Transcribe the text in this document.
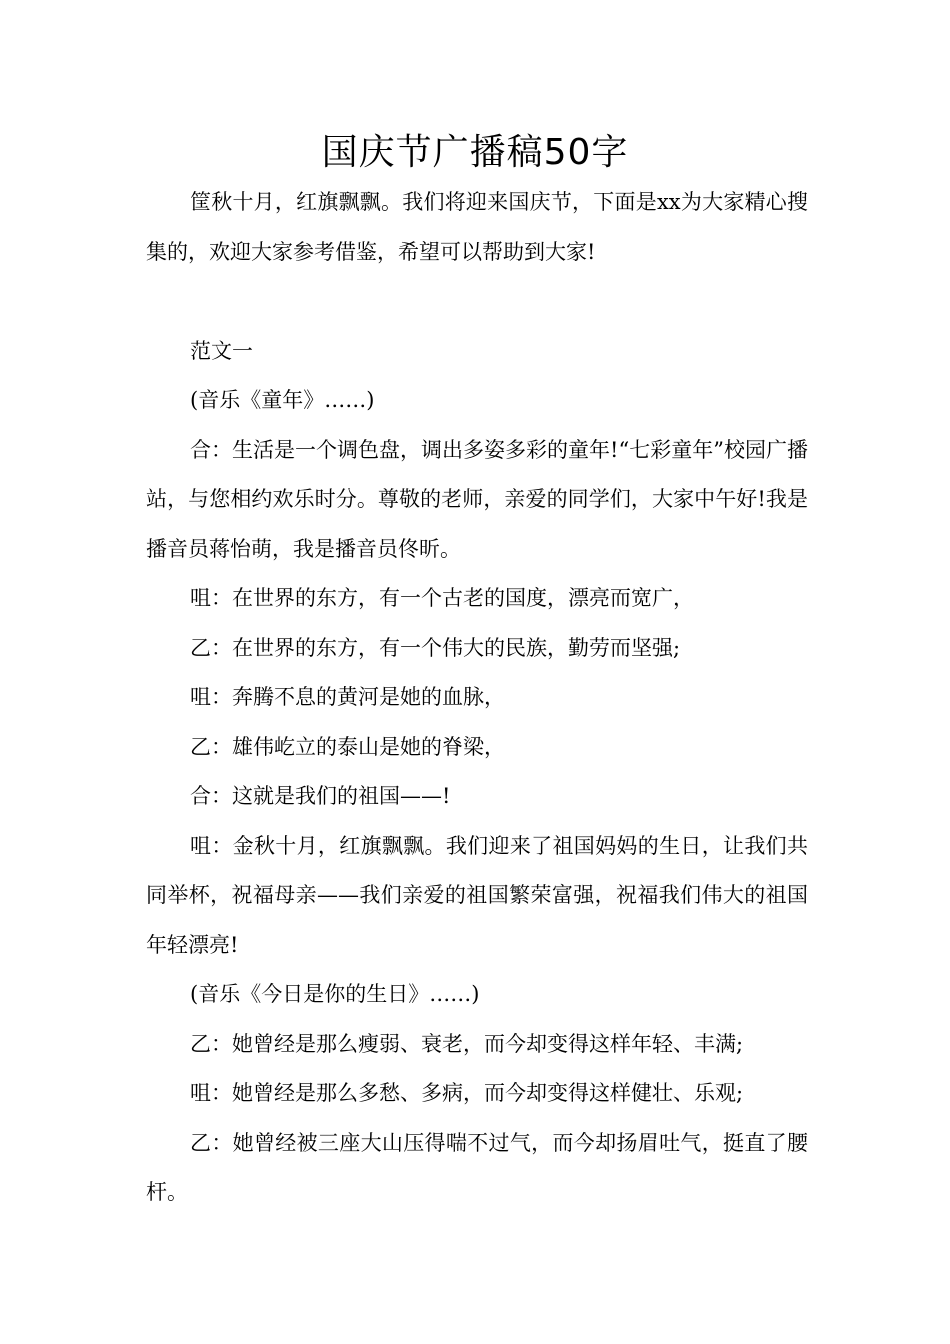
国庆节广播稿50字

筐秋十月，红旗飘飘。我们将迎来国庆节，下面是xx为大家精心搜集的，欢迎大家参考借鉴，希望可以帮助到大家!

范文一

(音乐《童年》……)

合：生活是一个调色盘，调出多姿多彩的童年!“七彩童年”校园广播站，与您相约欢乐时分。尊敬的老师，亲爱的同学们，大家中午好!我是播音员蒋怡萌，我是播音员佟昕。

咀：在世界的东方，有一个古老的国度，漂亮而宽广，

乙：在世界的东方，有一个伟大的民族，勤劳而坚强;

咀：奔腾不息的黄河是她的血脉，

乙：雄伟屹立的泰山是她的脊梁，

合：这就是我们的祖国——!

咀：金秋十月，红旗飘飘。我们迎来了祖国妈妈的生日，让我们共同举杯，祝福母亲——我们亲爱的祖国繁荣富强，祝福我们伟大的祖国年轻漂亮!

(音乐《今日是你的生日》……)

乙：她曾经是那么瘦弱、衰老，而今却变得这样年轻、丰满;

咀：她曾经是那么多愁、多病，而今却变得这样健壮、乐观;

乙：她曾经被三座大山压得喘不过气，而今却扬眉吐气，挺直了腰杆。
